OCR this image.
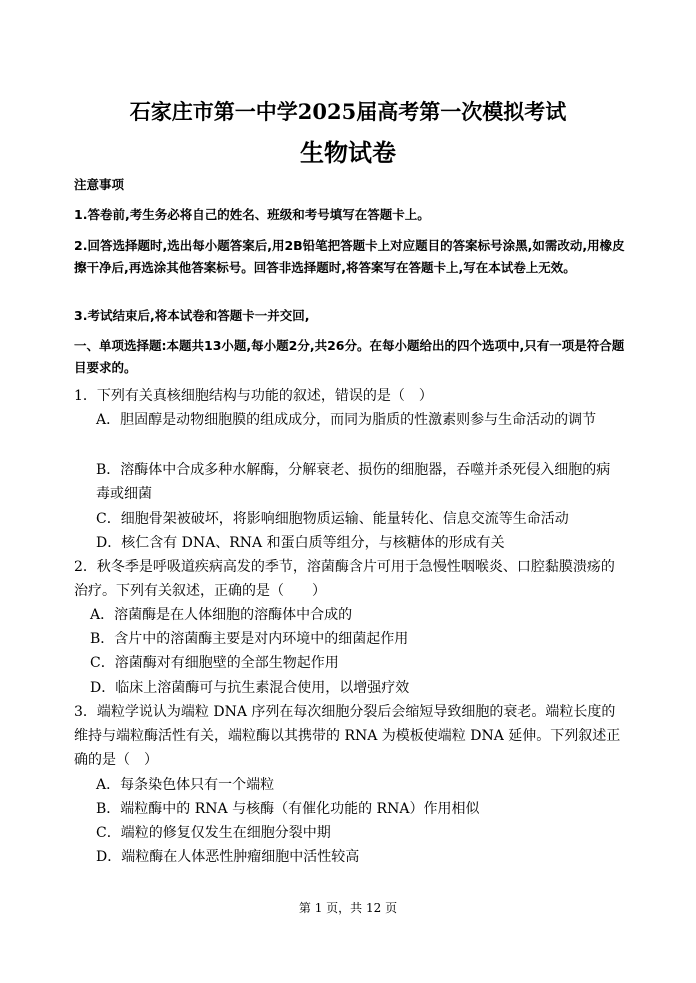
石家庄市第一中学2025届高考第一次模拟考试
生物试卷
注意事项
1.答卷前,考生务必将自己的姓名、班级和考号填写在答题卡上。
2.回答选择题时,选出每小题答案后,用2B铅笔把答题卡上对应题目的答案标号涂黑,如需改动,用橡皮擦干净后,再选涂其他答案标号。回答非选择题时,将答案写在答题卡上,写在本试卷上无效。
3.考试结束后,将本试卷和答题卡一并交回,
一、单项选择题:本题共13小题,每小题2分,共26分。在每小题给出的四个选项中,只有一项是符合题目要求的。
1．下列有关真核细胞结构与功能的叙述，错误的是（　）
A．胆固醇是动物细胞膜的组成成分，而同为脂质的性激素则参与生命活动的调节
B．溶酶体中合成多种水解酶，分解衰老、损伤的细胞器，吞噬并杀死侵入细胞的病毒或细菌
C．细胞骨架被破坏，将影响细胞物质运输、能量转化、信息交流等生命活动
D．核仁含有 DNA、RNA 和蛋白质等组分，与核糖体的形成有关
2．秋冬季是呼吸道疾病高发的季节，溶菌酶含片可用于急慢性咽喉炎、口腔黏膜溃疡的治疗。下列有关叙述，正确的是（　　）
A．溶菌酶是在人体细胞的溶酶体中合成的
B．含片中的溶菌酶主要是对内环境中的细菌起作用
C．溶菌酶对有细胞壁的全部生物起作用
D．临床上溶菌酶可与抗生素混合使用，以增强疗效
3．端粒学说认为端粒 DNA 序列在每次细胞分裂后会缩短导致细胞的衰老。端粒长度的维持与端粒酶活性有关，端粒酶以其携带的 RNA 为模板使端粒 DNA 延伸。下列叙述正确的是（　）
A．每条染色体只有一个端粒
B．端粒酶中的 RNA 与核酶（有催化功能的 RNA）作用相似
C．端粒的修复仅发生在细胞分裂中期
D．端粒酶在人体恶性肿瘤细胞中活性较高
第 1 页，共 12 页
